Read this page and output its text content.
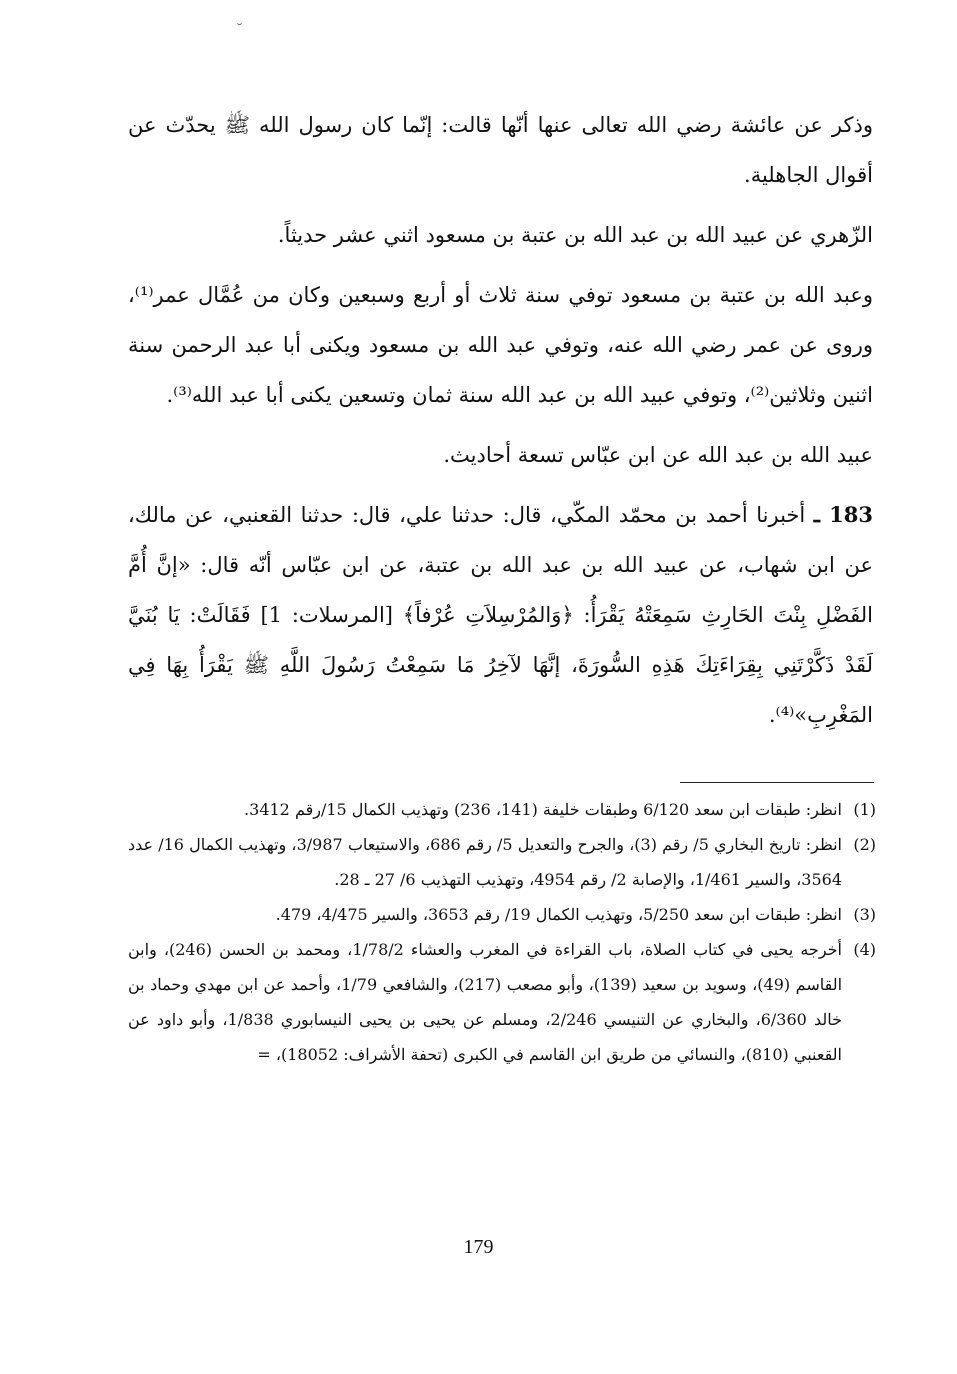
˘

وذكر عن عائشة رضي الله تعالى عنها أنّها قالت: إنّما كان رسول الله ﷺ يحدّث عن أقوال الجاهلية.

الزّهري عن عبيد الله بن عبد الله بن عتبة بن مسعود اثني عشر حديثاً.

وعبد الله بن عتبة بن مسعود توفي سنة ثلاث أو أربع وسبعين وكان من عُمَّال عمر⁽¹⁾، وروى عن عمر رضي الله عنه، وتوفي عبد الله بن مسعود ويكنى أبا عبد الرحمن سنة اثنين وثلاثين⁽²⁾، وتوفي عبيد الله بن عبد الله سنة ثمان وتسعين يكنى أبا عبد الله⁽³⁾.

عبيد الله بن عبد الله عن ابن عبّاس تسعة أحاديث.

183 ـ أخبرنا أحمد بن محمّد المكّي، قال: حدثنا علي، قال: حدثنا القعنبي، عن مالك، عن ابن شهاب، عن عبيد الله بن عبد الله بن عتبة، عن ابن عبّاس أنّه قال: «إنَّ أُمَّ الفَضْلِ بِنْتَ الحَارِثِ سَمِعَتْهُ يَقْرَأُ: ﴿وَالمُرْسِلاَتِ عُرْفاً﴾ [المرسلات: 1] فَقَالَتْ: يَا بُنَيَّ لَقَدْ ذَكَّرْتَنِي بِقِرَاءَتِكَ هَذِهِ السُّورَةَ، إنَّهَا لآخِرُ مَا سَمِعْتُ رَسُولَ اللَّهِ ﷺ يَقْرَأُ بِهَا فِي المَغْرِبِ»⁽⁴⁾.

(1)
انظر: طبقات ابن سعد 6/120 وطبقات خليفة (141، 236) وتهذيب الكمال 15/رقم 3412.

(2)
انظر: تاريخ البخاري 5/ رقم (3)، والجرح والتعديل 5/ رقم 686، والاستيعاب 3/987، وتهذيب الكمال 16/ عدد 3564، والسير 1/461، والإصابة 2/ رقم 4954، وتهذيب التهذيب 6/ 27 ـ 28.

(3)
انظر: طبقات ابن سعد 5/250، وتهذيب الكمال 19/ رقم 3653، والسير 4/475، 479.

(4)
أخرجه يحيى في كتاب الصلاة، باب القراءة في المغرب والعشاء 1/78/2، ومحمد بن الحسن (246)، وابن القاسم (49)، وسويد بن سعيد (139)، وأبو مصعب (217)، والشافعي 1/79، وأحمد عن ابن مهدي وحماد بن خالد 6/360، والبخاري عن التنيسي 2/246، ومسلم عن يحيى بن يحيى النيسابوري 1/838، وأبو داود عن القعنبي (810)، والنسائي من طريق ابن القاسم في الكبرى (تحفة الأشراف: 18052)، =

179
